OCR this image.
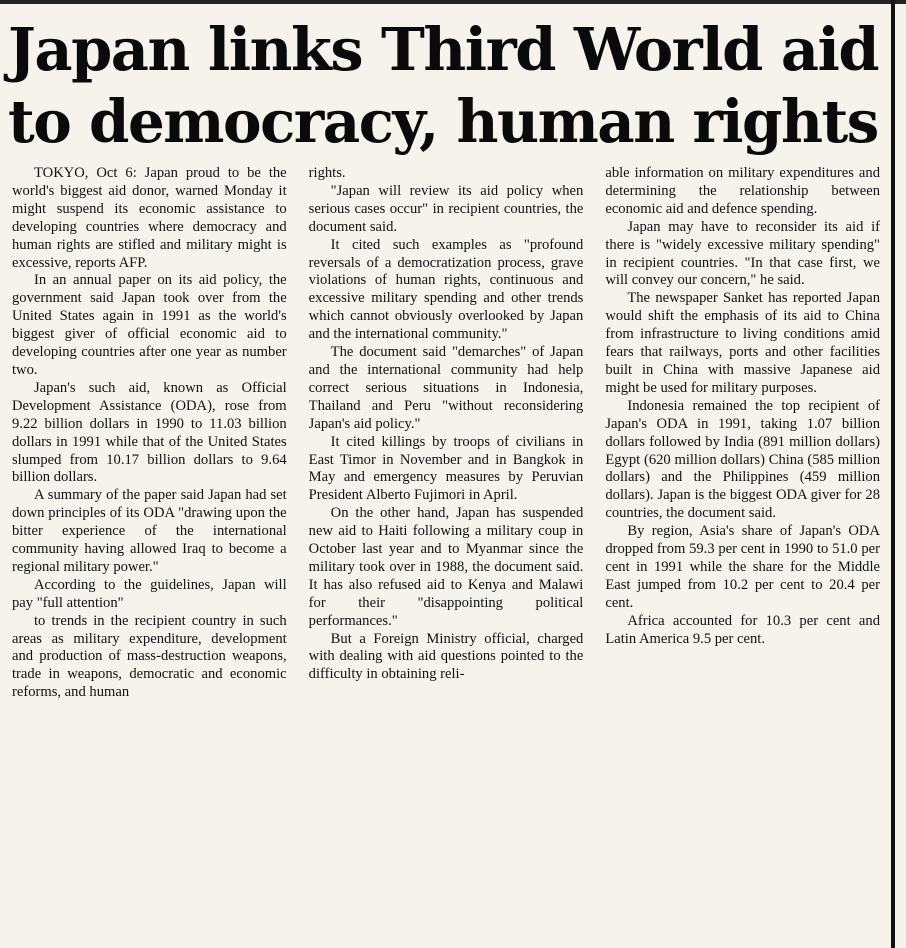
Japan links Third World aid
to democracy, human rights

TOKYO, Oct 6: Japan proud to be the world's biggest aid donor, warned Monday it might suspend its economic assistance to developing countries where democracy and human rights are stifled and military might is excessive, reports AFP.

In an annual paper on its aid policy, the government said Japan took over from the United States again in 1991 as the world's biggest giver of official economic aid to developing countries after one year as number two.

Japan's such aid, known as Official Development Assistance (ODA), rose from 9.22 billion dollars in 1990 to 11.03 billion dollars in 1991 while that of the United States slumped from 10.17 billion dollars to 9.64 billion dollars.

A summary of the paper said Japan had set down principles of its ODA "drawing upon the bitter experience of the international community having allowed Iraq to become a regional military power."

According to the guidelines, Japan will pay "full attention"

to trends in the recipient country in such areas as military expenditure, development and production of mass-destruction weapons, trade in weapons, democratic and economic reforms, and human

rights.

"Japan will review its aid policy when serious cases occur" in recipient countries, the document said.

It cited such examples as "profound reversals of a democratization process, grave violations of human rights, continuous and excessive military spending and other trends which cannot obviously overlooked by Japan and the international community."

The document said "demarches" of Japan and the international community had help correct serious situations in Indonesia, Thailand and Peru "without reconsidering Japan's aid policy."

It cited killings by troops of civilians in East Timor in November and in Bangkok in May and emergency measures by Peruvian President Alberto Fujimori in April.

On the other hand, Japan has suspended new aid to Haiti following a military coup in October last year and to Myanmar since the military took over in 1988, the document said. It has also refused aid to Kenya and Malawi for their "disappointing political performances."

But a Foreign Ministry official, charged with dealing with aid questions pointed to the difficulty in obtaining reli-

able information on military expenditures and determining the relationship between economic aid and defence spending.

Japan may have to reconsider its aid if there is "widely excessive military spending" in recipient countries. "In that case first, we will convey our concern," he said.

The newspaper Sanket has reported Japan would shift the emphasis of its aid to China from infrastructure to living conditions amid fears that railways, ports and other facilities built in China with massive Japanese aid might be used for military purposes.

Indonesia remained the top recipient of Japan's ODA in 1991, taking 1.07 billion dollars followed by India (891 million dollars) Egypt (620 million dollars) China (585 million dollars) and the Philippines (459 million dollars). Japan is the biggest ODA giver for 28 countries, the document said.

By region, Asia's share of Japan's ODA dropped from 59.3 per cent in 1990 to 51.0 per cent in 1991 while the share for the Middle East jumped from 10.2 per cent to 20.4 per cent.

Africa accounted for 10.3 per cent and Latin America 9.5 per cent.
